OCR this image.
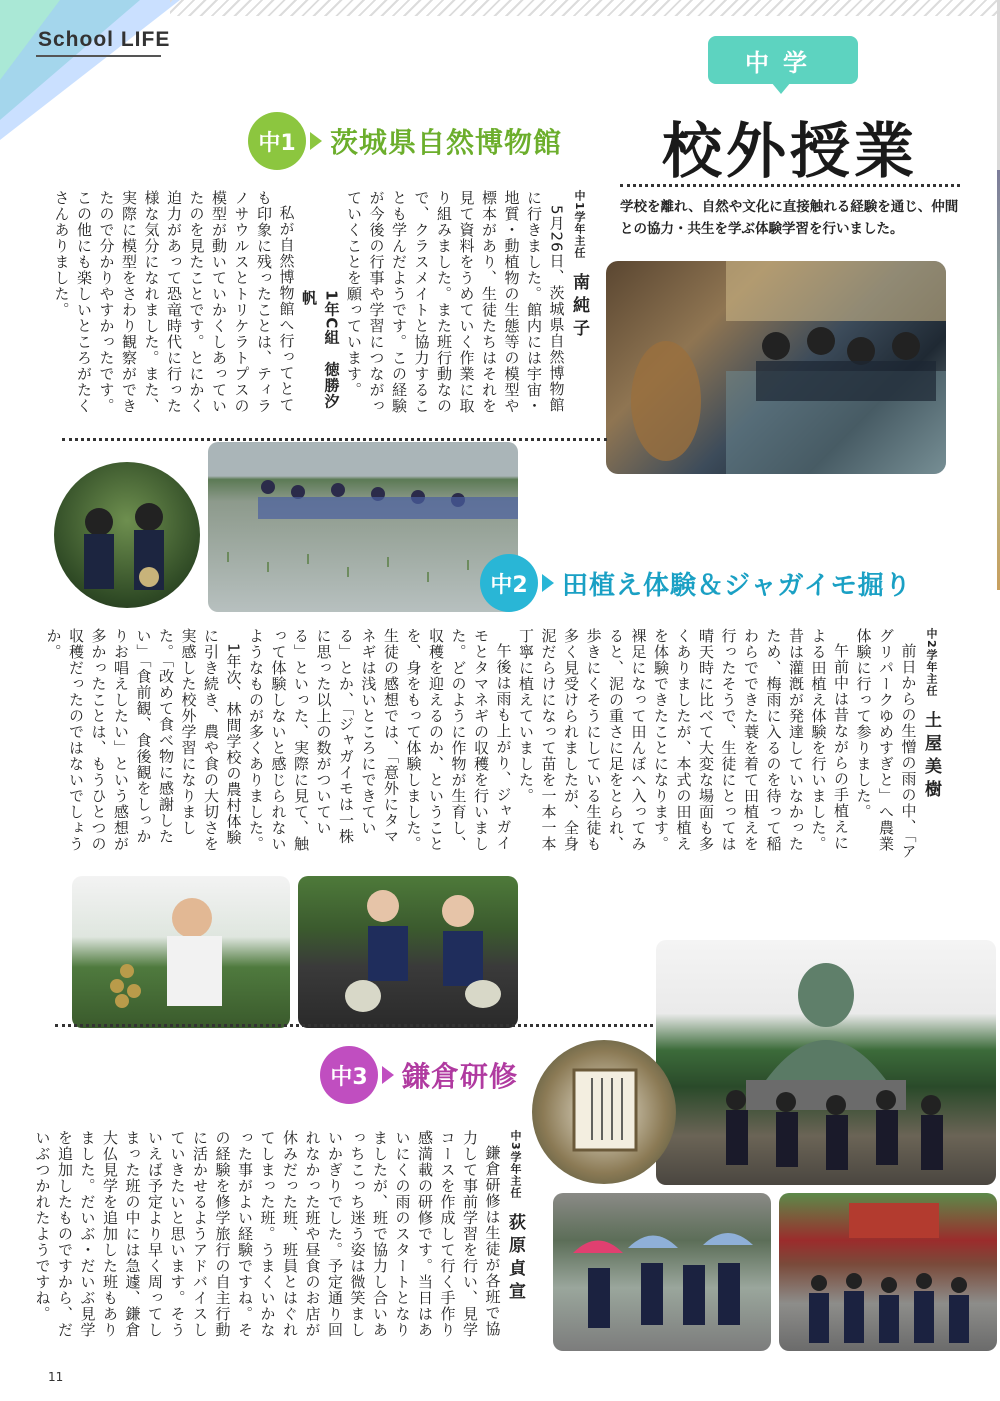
School LIFE
中学
校外授業
学校を離れ、自然や文化に直接触れる経験を通じ、仲間との協力・共生を学ぶ体験学習を行いました。
中1	茨城県自然博物館

中1学年主任南純子

5月26日、茨城県自然博物館に行きました。館内には宇宙・地質・動植物の生態等の模型や標本があり、生徒たちはそれを見て資料をうめていく作業に取り組みました。また班行動なので、クラスメイトと協力することも学んだようです。この経験が今後の行事や学習につながっていくことを願っています。

1年C組　徳勝汐帆

私が自然博物館へ行ってとても印象に残ったことは、ティラノサウルスとトリケラトプスの模型が動いていかくしあっていたのを見たことです。とにかく迫力があって恐竜時代に行った様な気分になれました。また、実際に模型をさわり観察ができたので分かりやすかったです。この他にも楽しいところがたくさんありました。

中2	田植え体験＆ジャガイモ掘り

中2学年主任土屋美樹

前日からの生憎の雨の中、「アグリパークゆめすぎと」へ農業体験に行って参りました。

午前中は昔ながらの手植えによる田植え体験を行いました。昔は灌漑が発達していなかったため、梅雨に入るのを待って稲わらでできた蓑を着て田植えを行ったそうで、生徒にとっては晴天時に比べて大変な場面も多くありましたが、本式の田植えを体験できたことになります。裸足になって田んぼへ入ってみると、泥の重さに足をとられ、歩きにくそうにしている生徒も多く見受けられましたが、全身泥だらけになって苗を一本一本丁寧に植えていました。

午後は雨も上がり、ジャガイモとタマネギの収穫を行いました。どのように作物が生育し、収穫を迎えるのか、ということを、身をもって体験しました。生徒の感想では、「意外にタマネギは浅いところにできている」とか、「ジャガイモは一株に思った以上の数がついている」といった、実際に見て、触って体験しないと感じられないようなものが多くありました。

1年次、林間学校の農村体験に引き続き、農や食の大切さを実感した校外学習になりました。「改めて食べ物に感謝したい」「食前観、食後観をしっかりお唱えしたい」という感想が多かったことは、もうひとつの収穫だったのではないでしょうか。

中3	鎌倉研修

中3学年主任荻原貞宣

鎌倉研修は生徒が各班で協力して事前学習を行い、見学コースを作成して行く手作り感満載の研修です。当日はあいにくの雨のスタートとなりましたが、班で協力し合いあっちこっち迷う姿は微笑ましいかぎりでした。予定通り回れなかった班や昼食のお店が休みだった班、班員とはぐれてしまった班。うまくいかなった事がよい経験ですね。その経験を修学旅行の自主行動に活かせるようアドバイスしていきたいと思います。そういえば予定より早く周ってしまった班の中には急遽、鎌倉大仏見学を追加した班もありました。だいぶ・だいぶ見学を追加したものですから、だいぶつかれたようですね。

11
